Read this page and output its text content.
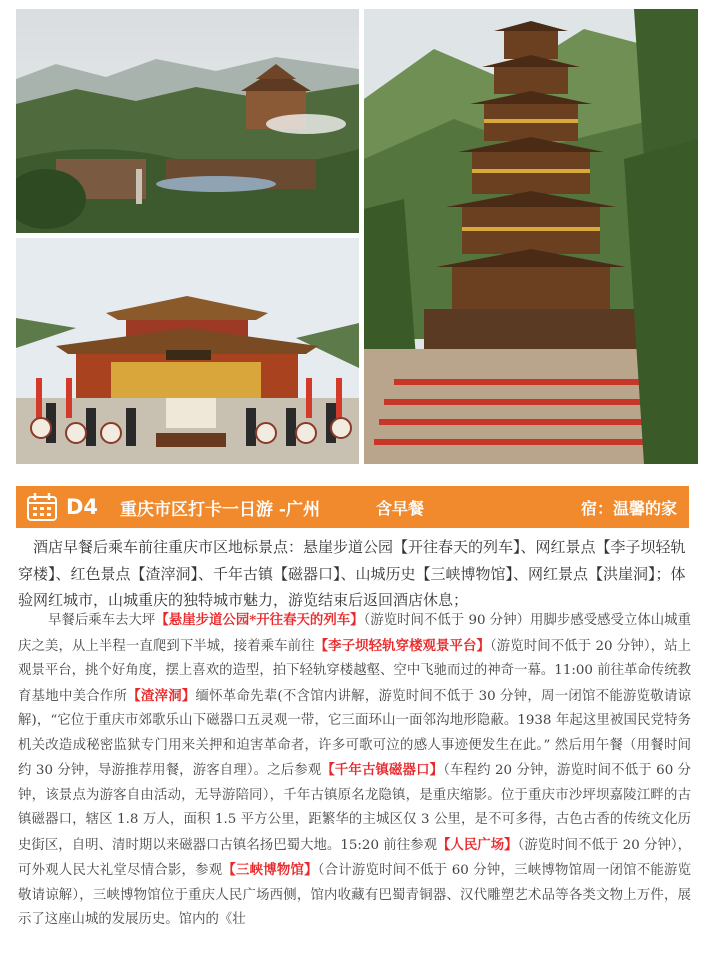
D4	重庆市区打卡一日游 -广州	含早餐	宿：温馨的家

酒店早餐后乘车前往重庆市区地标景点：悬崖步道公园【开往春天的列车】、网红景点【李子坝轻轨穿楼】、红色景点【渣滓洞】、千年古镇【磁器口】、山城历史【三峡博物馆】、网红景点【洪崖洞】；体验网红城市，山城重庆的独特城市魅力，游览结束后返回酒店休息；

早餐后乘车去大坪【悬崖步道公园*开往春天的列车】（游览时间不低于 90 分钟）用脚步感受感受立体山城重庆之美，从上半程一直爬到下半城，接着乘车前往【李子坝轻轨穿楼观景平台】（游览时间不低于 20 分钟），站上观景平台，挑个好角度，摆上喜欢的造型，拍下轻轨穿楼越壑、空中飞驰而过的神奇一幕。11:00 前往革命传统教育基地中美合作所【渣滓洞】缅怀革命先辈(不含馆内讲解，游览时间不低于 30 分钟，周一闭馆不能游览敬请谅解)，“它位于重庆市郊歌乐山下磁器口五灵观一带，它三面环山一面邻沟地形隐蔽。1938 年起这里被国民党特务机关改造成秘密监狱专门用来关押和迫害革命者，许多可歌可泣的感人事迹便发生在此。” 然后用午餐（用餐时间约 30 分钟，导游推荐用餐，游客自理）。之后参观【千年古镇磁器口】（车程约 20 分钟，游览时间不低于 60 分钟，该景点为游客自由活动，无导游陪同），千年古镇原名龙隐镇，是重庆缩影。位于重庆市沙坪坝嘉陵江畔的古镇磁器口，辖区 1.8 万人，面积 1.5 平方公里，距繁华的主城区仅 3 公里，是不可多得，古色古香的传统文化历史街区，自明、清时期以来磁器口古镇名扬巴蜀大地。15:20 前往参观【人民广场】（游览时间不低于 20 分钟），可外观人民大礼堂尽情合影，参观【三峡博物馆】（合计游览时间不低于 60 分钟，三峡博物馆周一闭馆不能游览敬请谅解），三峡博物馆位于重庆人民广场西侧，馆内收藏有巴蜀青铜器、汉代雕塑艺术品等各类文物上万件，展示了这座山城的发展历史。馆内的《壮
